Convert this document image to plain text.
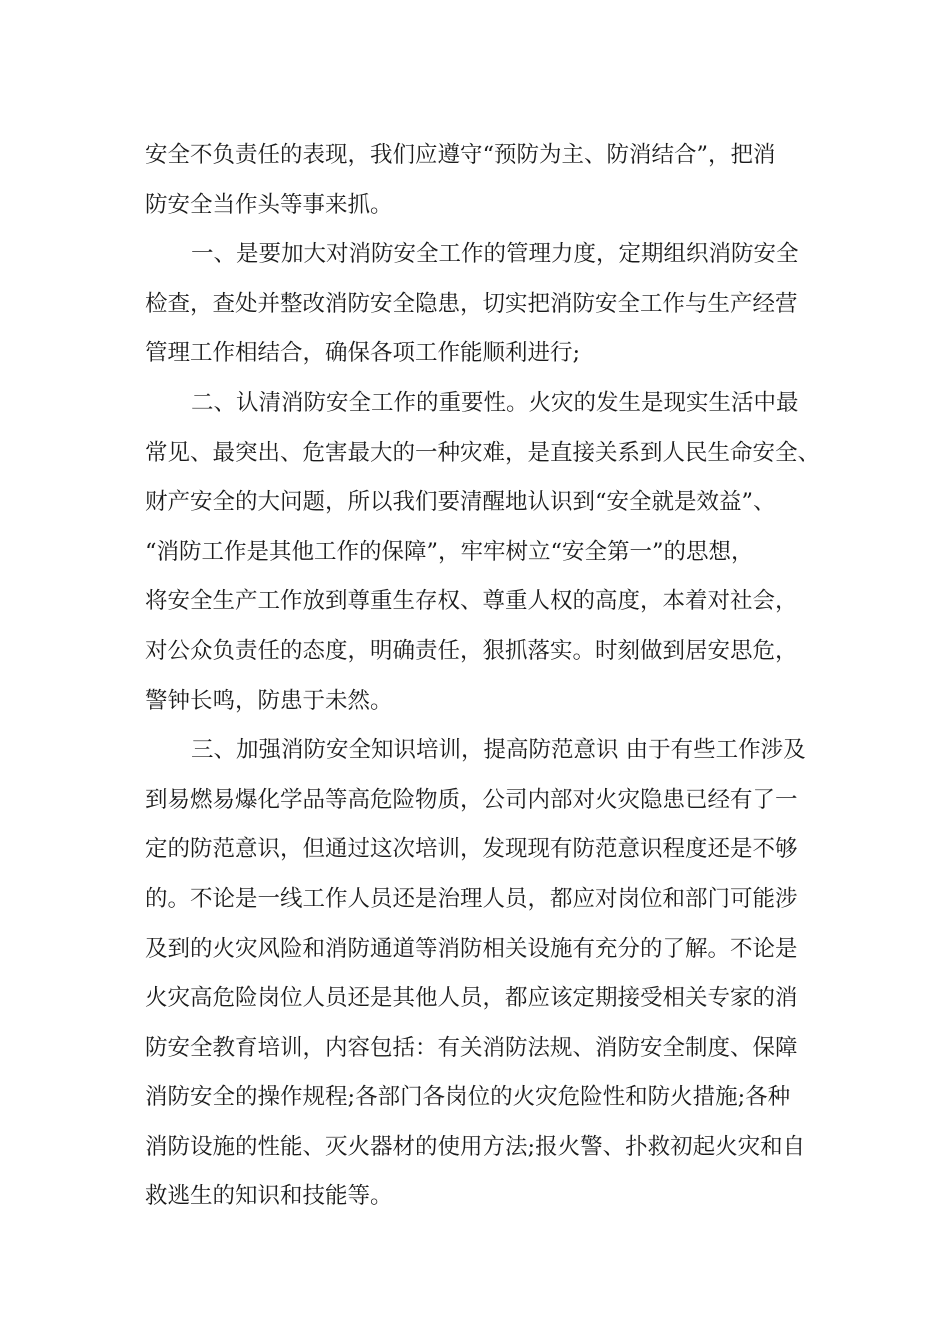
安全不负责任的表现，我们应遵守“预防为主、防消结合”，把消
防安全当作头等事来抓。
一、是要加大对消防安全工作的管理力度，定期组织消防安全
检查，查处并整改消防安全隐患，切实把消防安全工作与生产经营
管理工作相结合，确保各项工作能顺利进行;
二、认清消防安全工作的重要性。火灾的发生是现实生活中最
常见、最突出、危害最大的一种灾难，是直接关系到人民生命安全、
财产安全的大问题，所以我们要清醒地认识到“安全就是效益”、
“消防工作是其他工作的保障”，牢牢树立“安全第一”的思想，
将安全生产工作放到尊重生存权、尊重人权的高度，本着对社会，
对公众负责任的态度，明确责任，狠抓落实。时刻做到居安思危，
警钟长鸣，防患于未然。
三、加强消防安全知识培训，提高防范意识 由于有些工作涉及
到易燃易爆化学品等高危险物质，公司内部对火灾隐患已经有了一
定的防范意识，但通过这次培训，发现现有防范意识程度还是不够
的。不论是一线工作人员还是治理人员，都应对岗位和部门可能涉
及到的火灾风险和消防通道等消防相关设施有充分的了解。不论是
火灾高危险岗位人员还是其他人员，都应该定期接受相关专家的消
防安全教育培训，内容包括：有关消防法规、消防安全制度、保障
消防安全的操作规程;各部门各岗位的火灾危险性和防火措施;各种
消防设施的性能、灭火器材的使用方法;报火警、扑救初起火灾和自
救逃生的知识和技能等。
